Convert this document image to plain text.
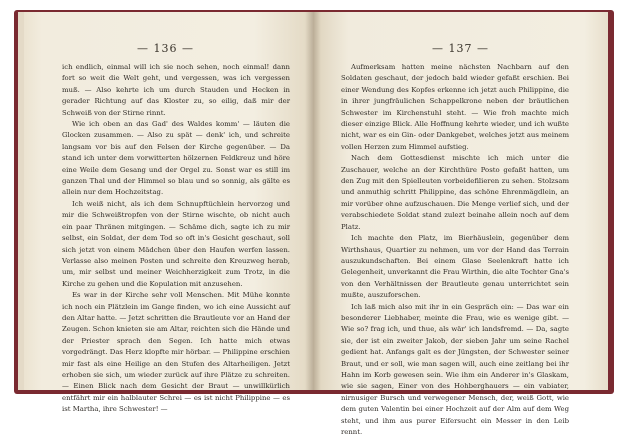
— 136 —

ich endlich, einmal will ich sie noch sehen, noch einmal! dann fort so weit die Welt geht, und vergessen, was ich vergessen muß. — Also kehrte ich um durch Stauden und Hecken in gerader Richtung auf das Kloster zu, so eilig, daß mir der Schweiß von der Stirne rinnt.

Wie ich oben an das Gad' des Waldes komm' — läuten die Glocken zusammen. — Also zu spät — denk' ich, und schreite langsam vor bis auf den Felsen der Kirche gegenüber. — Da stand ich unter dem vorwitterten hölzernen Feldkreuz und höre eine Weile dem Gesang und der Orgel zu. Sonst war es still im ganzen Thal und der Himmel so blau und so sonnig, als gälte es allein nur dem Hochzeitstag.

Ich weiß nicht, als ich dem Schnupftüchlein hervorzog und mir die Schweißtropfen von der Stirne wischte, ob nicht auch ein paar Thränen mitgingen. — Schäme dich, sagte ich zu mir selbst, ein Soldat, der dem Tod so oft in's Gesicht geschaut, soll sich jetzt von einem Mädchen über den Haufen werfen lassen. Verlasse also meinen Posten und schreite den Kreuzweg herab, um, mir selbst und meiner Weichherzigkeit zum Trotz, in die Kirche zu gehen und die Kopulation mit anzusehen.

Es war in der Kirche sehr voll Menschen. Mit Mühe konnte ich noch ein Plätzlein im Gange finden, wo ich eine Aussicht auf den Altar hatte. — Jetzt schritten die Brautleute vor an Hand der Zeugen. Schon knieten sie am Altar, reichten sich die Hände und der Priester sprach den Segen. Ich hatte mich etwas vorgedrängt. Das Herz klopfte mir hörbar. — Philippine erschien mir fast als eine Heilige an den Stufen des Altarheiligen. Jetzt erhoben sie sich, um wieder zurück auf ihre Plätze zu schreiten. — Einen Blick nach dem Gesicht der Braut — unwillkürlich entfährt mir ein halblauter Schrei — es ist nicht Philippine — es ist Martha, ihre Schwester! —

— 137 —

Aufmerksam hatten meine nächsten Nachbarn auf den Soldaten geschaut, der jedoch bald wieder gefaßt erschien. Bei einer Wendung des Kopfes erkenne ich jetzt auch Philippine, die in ihrer jungfräulichen Schappelkrone neben der bräutlichen Schwester im Kirchenstuhl steht. — Wie froh machte mich dieser einzige Blick. Alle Hoffnung kehrte wieder, und ich wußte nicht, war es ein Gin- oder Dankgebet, welches jetzt aus meinem vollen Herzen zum Himmel aufstieg.

Nach dem Gottesdienst mischte ich mich unter die Zuschauer, welche an der Kirchthüre Posto gefaßt hatten, um den Zug mit den Spielleuten vorbeidefilieren zu sehen. Stolzsam und anmuthig schritt Philippine, das schöne Ehrenmägdlein, an mir vorüber ohne aufzuschauen. Die Menge verlief sich, und der verabschiedete Soldat stand zulezt beinahe allein noch auf dem Platz.

Ich machte den Platz, im Bierhäuslein, gegenüber dem Wirthshaus, Quartier zu nehmen, um vor der Hand das Terrain auszukundschaften. Bei einem Glase Seelenkraft hatte ich Gelegenheit, unverkannt die Frau Wirthin, die alte Tochter Gna's von den Verhältnissen der Brautleute genau unterrichtet sein mußte, auszuforschen.

Ich laß mich also mit ihr in ein Gespräch ein: — Das war ein besonderer Liebhaber, meinte die Frau, wie es wenige gibt. — Wie so? frag ich, und thue, als wär' ich landsfremd. — Da, sagte sie, der ist ein zweiter Jakob, der sieben Jahr um seine Rachel gedient hat. Anfangs galt es der Jüngsten, der Schwester seiner Braut, und er soll, wie man sagen will, auch eine zeitlang bei ihr Hahn im Korb gewesen sein. Wie ihm ein Anderer in's Glaskam, wie sie sagen, Einer von des Hohberghauers — ein vabiater, nirnusiger Bursch und verwegener Mensch, der, weiß Gott, wie dem guten Valentin bei einer Hochzeit auf der Alm auf dem Weg steht, und ihm aus purer Eifersucht ein Messer in den Leib rennt.
